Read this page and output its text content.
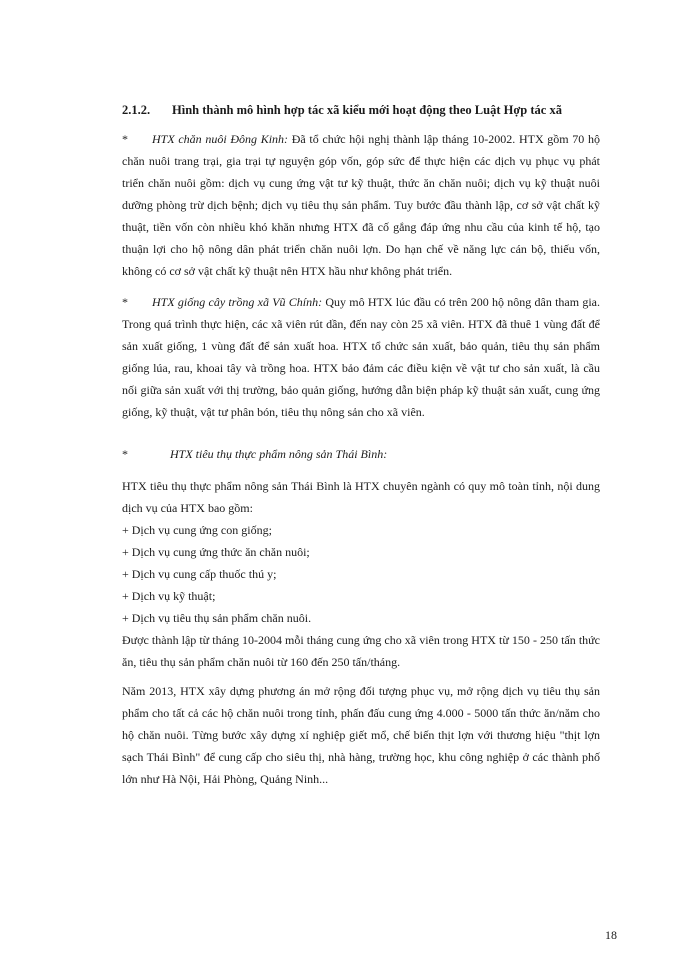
2.1.2. Hình thành mô hình hợp tác xã kiểu mới hoạt động theo Luật Hợp tác xã
* HTX chăn nuôi Đông Kinh: Đã tổ chức hội nghị thành lập tháng 10-2002. HTX gồm 70 hộ chăn nuôi trang trại, gia trại tự nguyện góp vốn, góp sức để thực hiện các dịch vụ phục vụ phát triển chăn nuôi gồm: dịch vụ cung ứng vật tư kỹ thuật, thức ăn chăn nuôi; dịch vụ kỹ thuật nuôi dưỡng phòng trừ dịch bệnh; dịch vụ tiêu thụ sản phẩm. Tuy bước đầu thành lập, cơ sở vật chất kỹ thuật, tiền vốn còn nhiều khó khăn nhưng HTX đã cố gắng đáp ứng nhu cầu của kinh tế hộ, tạo thuận lợi cho hộ nông dân phát triển chăn nuôi lợn. Do hạn chế về năng lực cán bộ, thiếu vốn, không có cơ sở vật chất kỹ thuật nên HTX hầu như không phát triển.
* HTX giống cây trồng xã Vũ Chính: Quy mô HTX lúc đầu có trên 200 hộ nông dân tham gia. Trong quá trình thực hiện, các xã viên rút dần, đến nay còn 25 xã viên. HTX đã thuê 1 vùng đất để sản xuất giống, 1 vùng đất để sản xuất hoa. HTX tổ chức sản xuất, bảo quản, tiêu thụ sản phẩm giống lúa, rau, khoai tây và trồng hoa. HTX bảo đảm các điều kiện về vật tư cho sản xuất, là cầu nối giữa sản xuất với thị trường, bảo quản giống, hướng dẫn biện pháp kỹ thuật sản xuất, cung ứng giống, kỹ thuật, vật tư phân bón, tiêu thụ nông sản cho xã viên.
*	HTX tiêu thụ thực phẩm nông sản Thái Bình:
HTX tiêu thụ thực phẩm nông sản Thái Bình là HTX chuyên ngành có quy mô toàn tỉnh, nội dung dịch vụ của HTX bao gồm:
+ Dịch vụ cung ứng con giống;
+ Dịch vụ cung ứng thức ăn chăn nuôi;
+ Dịch vụ cung cấp thuốc thú y;
+ Dịch vụ kỹ thuật;
+ Dịch vụ tiêu thụ sản phẩm chăn nuôi.
Được thành lập từ tháng 10-2004 mỗi tháng cung ứng cho xã viên trong HTX từ 150 - 250 tấn thức ăn, tiêu thụ sản phẩm chăn nuôi từ 160 đến 250 tấn/tháng.
Năm 2013, HTX xây dựng phương án mở rộng đối tượng phục vụ, mở rộng dịch vụ tiêu thụ sản phẩm cho tất cả các hộ chăn nuôi trong tỉnh, phấn đấu cung ứng 4.000 - 5000 tấn thức ăn/năm cho hộ chăn nuôi. Từng bước xây dựng xí nghiệp giết mổ, chế biến thịt lợn với thương hiệu "thịt lợn sạch Thái Bình" để cung cấp cho siêu thị, nhà hàng, trường học, khu công nghiệp ở các thành phố lớn như Hà Nội, Hải Phòng, Quảng Ninh...
18
